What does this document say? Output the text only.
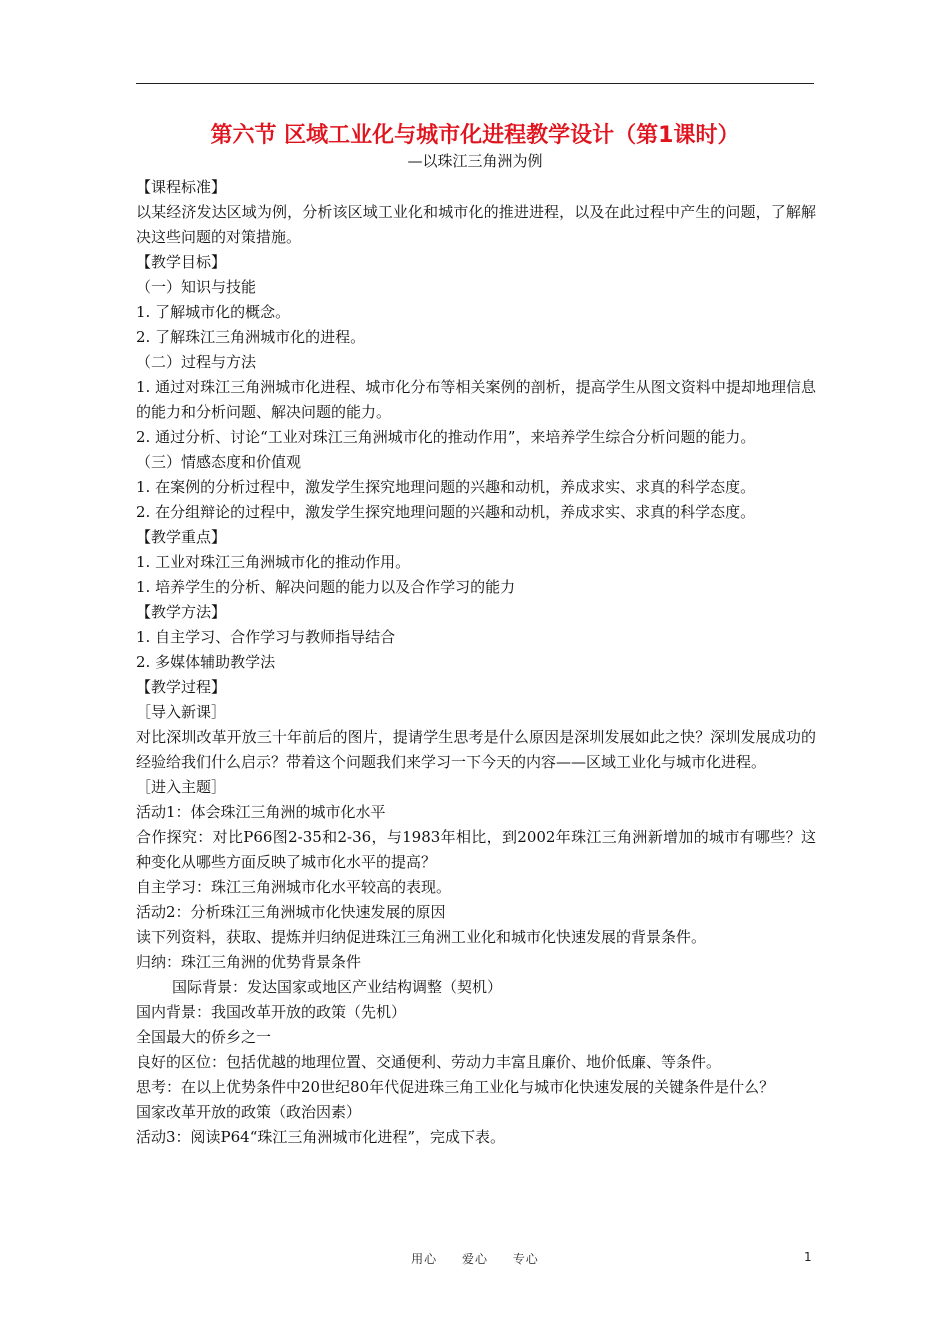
第六节 区域工业化与城市化进程教学设计（第1课时）
—以珠江三角洲为例

【课程标准】

以某经济发达区域为例，分析该区域工业化和城市化的推进进程，以及在此过程中产生的问题，了解解决这些问题的对策措施。

【教学目标】

（一）知识与技能

1. 了解城市化的概念。

2. 了解珠江三角洲城市化的进程。

（二）过程与方法

1. 通过对珠江三角洲城市化进程、城市化分布等相关案例的剖析，提高学生从图文资料中提却地理信息的能力和分析问题、解决问题的能力。

2. 通过分析、讨论“工业对珠江三角洲城市化的推动作用”，来培养学生综合分析问题的能力。

（三）情感态度和价值观

1. 在案例的分析过程中，激发学生探究地理问题的兴趣和动机，养成求实、求真的科学态度。

2. 在分组辩论的过程中，激发学生探究地理问题的兴趣和动机，养成求实、求真的科学态度。

【教学重点】

1. 工业对珠江三角洲城市化的推动作用。

1. 培养学生的分析、解决问题的能力以及合作学习的能力

【教学方法】

1. 自主学习、合作学习与教师指导结合

2. 多媒体辅助教学法

【教学过程】

［导入新课］

对比深圳改革开放三十年前后的图片，提请学生思考是什么原因是深圳发展如此之快？深圳发展成功的经验给我们什么启示？带着这个问题我们来学习一下今天的内容——区域工业化与城市化进程。

［进入主题］

活动1：体会珠江三角洲的城市化水平

合作探究：对比P66图2-35和2-36，与1983年相比，到2002年珠江三角洲新增加的城市有哪些？这种变化从哪些方面反映了城市化水平的提高？

自主学习：珠江三角洲城市化水平较高的表现。

活动2：分析珠江三角洲城市化快速发展的原因

读下列资料，获取、提炼并归纳促进珠江三角洲工业化和城市化快速发展的背景条件。

归纳：珠江三角洲的优势背景条件

国际背景：发达国家或地区产业结构调整（契机）

国内背景：我国改革开放的政策（先机）

全国最大的侨乡之一

良好的区位：包括优越的地理位置、交通便利、劳动力丰富且廉价、地价低廉、等条件。

思考：在以上优势条件中20世纪80年代促进珠三角工业化与城市化快速发展的关键条件是什么？

国家改革开放的政策（政治因素）

活动3：阅读P64“珠江三角洲城市化进程”，完成下表。

用心 爱心 专心	1
